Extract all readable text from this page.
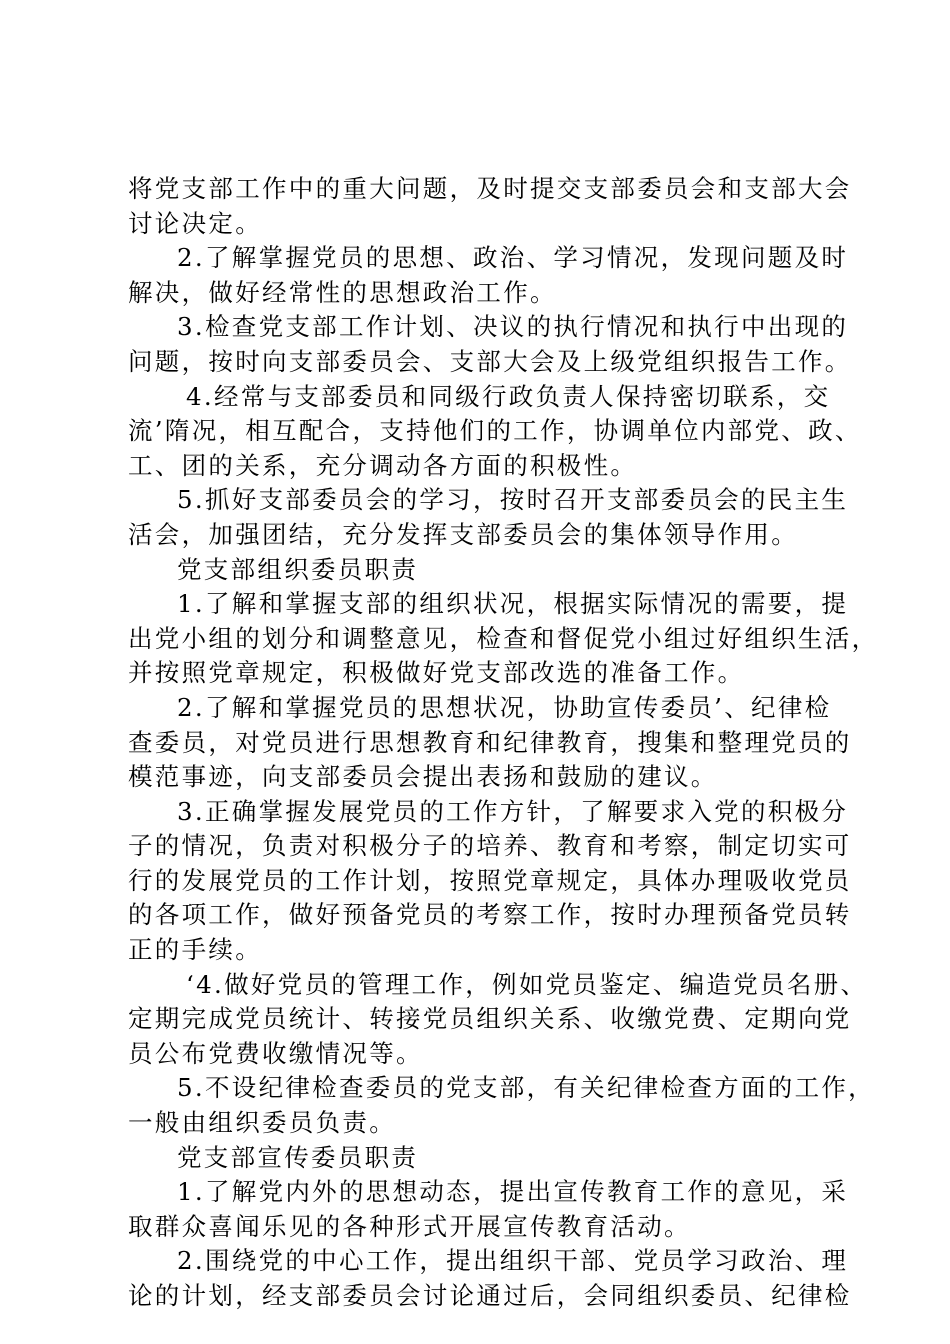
将党支部工作中的重大问题，及时提交支部委员会和支部大会
讨论决定。
2.了解掌握党员的思想、政治、学习情况，发现问题及时
解决，做好经常性的思想政治工作。
3.检查党支部工作计划、决议的执行情况和执行中出现的
问题，按时向支部委员会、支部大会及上级党组织报告工作。
4.经常与支部委员和同级行政负责人保持密切联系，交
流’隋况，相互配合，支持他们的工作，协调单位内部党、政、
工、团的关系，充分调动各方面的积极性。
5.抓好支部委员会的学习，按时召开支部委员会的民主生
活会，加强团结，充分发挥支部委员会的集体领导作用。
党支部组织委员职责
1.了解和掌握支部的组织状况，根据实际情况的需要，提
出党小组的划分和调整意见，检查和督促党小组过好组织生活，
并按照党章规定，积极做好党支部改选的准备工作。
2.了解和掌握党员的思想状况，协助宣传委员’、纪律检
查委员，对党员进行思想教育和纪律教育，搜集和整理党员的
模范事迹，向支部委员会提出表扬和鼓励的建议。
3.正确掌握发展党员的工作方针，了解要求入党的积极分
子的情况，负责对积极分子的培养、教育和考察，制定切实可
行的发展党员的工作计划，按照党章规定，具体办理吸收党员
的各项工作，做好预备党员的考察工作，按时办理预备党员转
正的手续。
‘4.做好党员的管理工作，例如党员鉴定、编造党员名册、
定期完成党员统计、转接党员组织关系、收缴党费、定期向党
员公布党费收缴情况等。
5.不设纪律检查委员的党支部，有关纪律检查方面的工作，
一般由组织委员负责。
党支部宣传委员职责
1.了解党内外的思想动态，提出宣传教育工作的意见，采
取群众喜闻乐见的各种形式开展宣传教育活动。
2.围绕党的中心工作，提出组织干部、党员学习政治、理
论的计划，经支部委员会讨论通过后，会同组织委员、纪律检
